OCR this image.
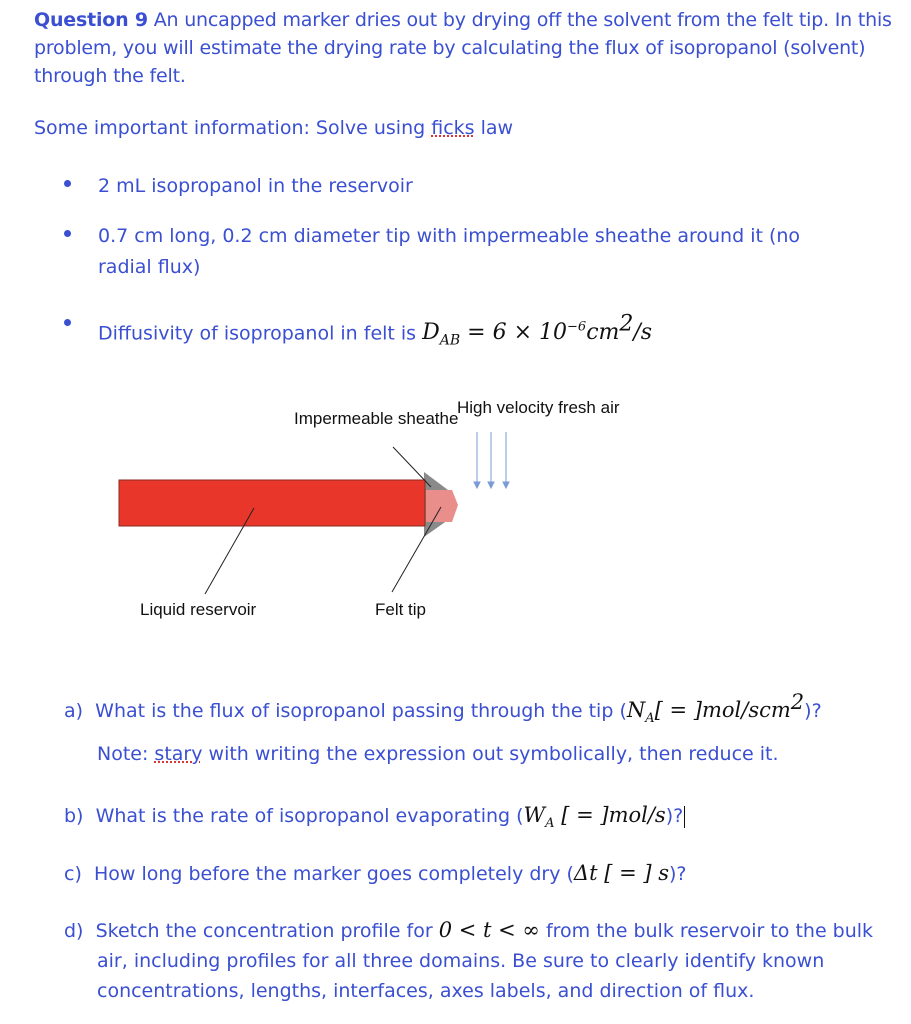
Question 9 An uncapped marker dries out by drying off the solvent from the felt tip. In this problem, you will estimate the drying rate by calculating the flux of isopropanol (solvent) through the felt.
Some important information: Solve using ficks law
2 mL isopropanol in the reservoir
0.7 cm long, 0.2 cm diameter tip with impermeable sheathe around it (no radial flux)
Diffusivity of isopropanol in felt is $D_{AB} = 6 \times 10^{-6}cm^2/s$
Impermeable sheathe
High velocity fresh air
Liquid reservoir	Felt tip
a) What is the flux of isopropanol passing through the tip $(N_A[ = ]mol/scm^2)$?
Note: stary with writing the expression out symbolically, then reduce it.
b) What is the rate of isopropanol evaporating ($W_A$ [ = ]mol/s)?
c) How long before the marker goes completely dry (Δt [ = ] s)?
d) Sketch the concentration profile for 0 < t < ∞ from the bulk reservoir to the bulk air, including profiles for all three domains. Be sure to clearly identify known concentrations, lengths, interfaces, axes labels, and direction of flux.
